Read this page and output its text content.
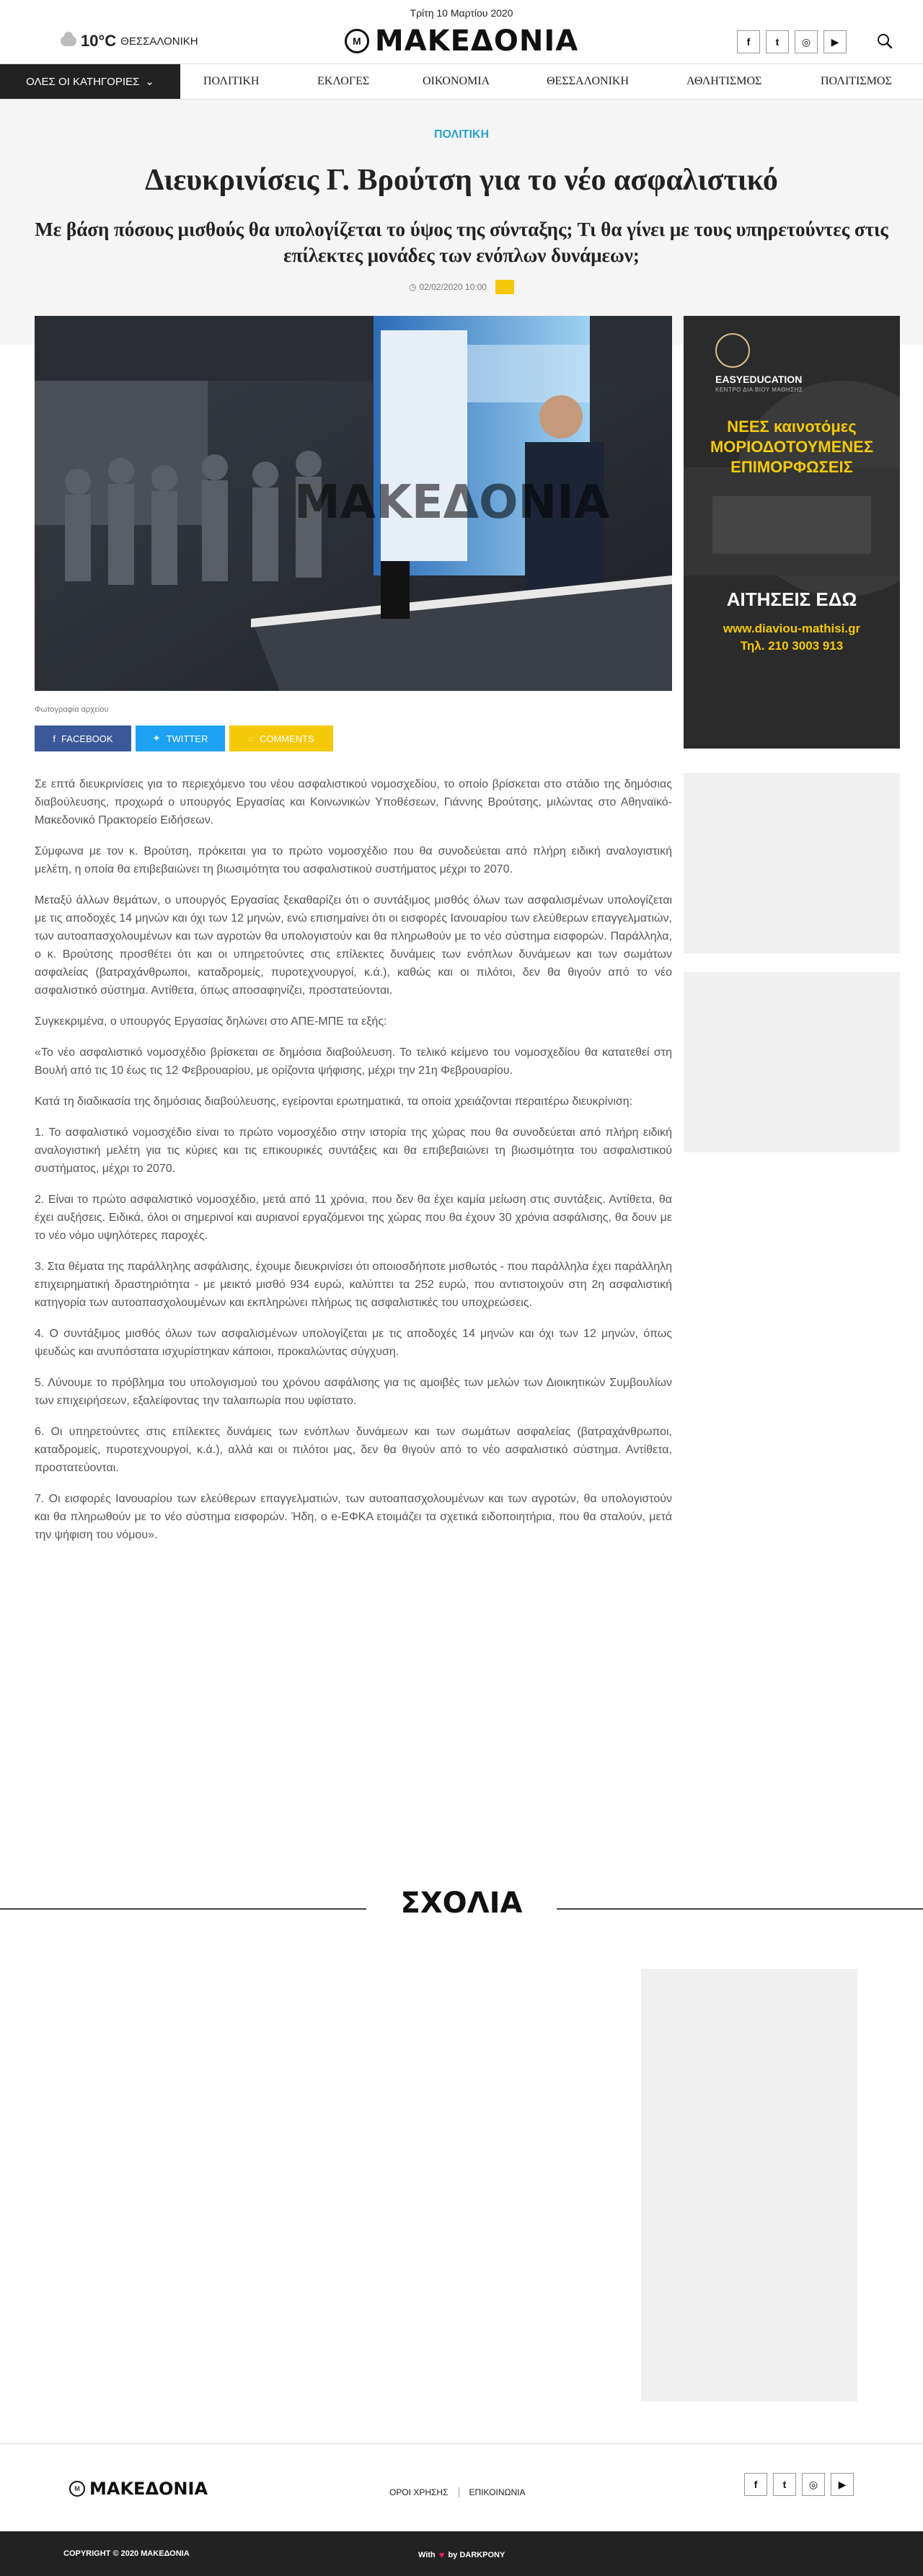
Τρίτη 10 Μαρτίου 2020
10°C ΘΕΣΣΑΛΟΝΙΚΗ	Μ ΜΑΚΕΔΟΝΙΑ	f	t	◎	▶
ΟΛΕΣ ΟΙ ΚΑΤΗΓΟΡΙΕΣ ⌄	ΠΟΛΙΤΙΚΗ	ΕΚΛΟΓΕΣ	ΟΙΚΟΝΟΜΙΑ	ΘΕΣΣΑΛΟΝΙΚΗ	ΑΘΛΗΤΙΣΜΟΣ	ΠΟΛΙΤΙΣΜΟΣ
ΠΟΛΙΤΙΚΗ
Διευκρινίσεις Γ. Βρούτση για το νέο ασφαλιστικό
Με βάση πόσους μισθούς θα υπολογίζεται το ύψος της σύνταξης; Τι θα γίνει με τους υπηρετούντες στις επίλεκτες μονάδες των ενόπλων δυνάμεων;
◷ 02/02/2020 10:00
ΜΑΚΕΔΟΝΙΑ
Φωτογραφία αρχείου
f FACEBOOK	✦ TWITTER	◌ COMMENTS
EASYEDUCATION
ΚΕΝΤΡΟ ΔΙΑ ΒΙΟΥ ΜΑΘΗΣΗΣ
ΝΕΕΣ καινοτόμες
ΜΟΡΙΟΔΟΤΟΥΜΕΝΕΣ
ΕΠΙΜΟΡΦΩΣΕΙΣ
ΑΙΤΗΣΕΙΣ ΕΔΩ
www.diaviou-mathisi.gr
Τηλ. 210 3003 913

Σε επτά διευκρινίσεις για το περιεχόμενο του νέου ασφαλιστικού νομοσχεδίου, το οποίο βρίσκεται στο στάδιο της δημόσιας διαβούλευσης, προχωρά ο υπουργός Εργασίας και Κοινωνικών Υποθέσεων, Γιάννης Βρούτσης, μιλώντας στο Αθηναϊκό-Μακεδονικό Πρακτορείο Ειδήσεων.

Σύμφωνα με τον κ. Βρούτση, πρόκειται για το πρώτο νομοσχέδιο που θα συνοδεύεται από πλήρη ειδική αναλογιστική μελέτη, η οποία θα επιβεβαιώνει τη βιωσιμότητα του ασφαλιστικού συστήματος μέχρι το 2070.

Μεταξύ άλλων θεμάτων, ο υπουργός Εργασίας ξεκαθαρίζει ότι ο συντάξιμος μισθός όλων των ασφαλισμένων υπολογίζεται με τις αποδοχές 14 μηνών και όχι των 12 μηνών, ενώ επισημαίνει ότι οι εισφορές Ιανουαρίου των ελεύθερων επαγγελματιών, των αυτοαπασχολουμένων και των αγροτών θα υπολογιστούν και θα πληρωθούν με το νέο σύστημα εισφορών. Παράλληλα, ο κ. Βρούτσης προσθέτει ότι και οι υπηρετούντες στις επίλεκτες δυνάμεις των ενόπλων δυνάμεων και των σωμάτων ασφαλείας (βατραχάνθρωποι, καταδρομείς, πυροτεχνουργοί, κ.ά.), καθώς και οι πιλότοι, δεν θα θιγούν από το νέο ασφαλιστικό σύστημα. Αντίθετα, όπως αποσαφηνίζει, προστατεύονται.

Συγκεκριμένα, ο υπουργός Εργασίας δηλώνει στο ΑΠΕ-ΜΠΕ τα εξής:

«Το νέο ασφαλιστικό νομοσχέδιο βρίσκεται σε δημόσια διαβούλευση. Το τελικό κείμενο του νομοσχεδίου θα κατατεθεί στη Βουλή από τις 10 έως τις 12 Φεβρουαρίου, με ορίζοντα ψήφισης, μέχρι την 21η Φεβρουαρίου.

Κατά τη διαδικασία της δημόσιας διαβούλευσης, εγείρονται ερωτηματικά, τα οποία χρειάζονται περαιτέρω διευκρίνιση:

1. Το ασφαλιστικό νομοσχέδιο είναι το πρώτο νομοσχέδιο στην ιστορία της χώρας που θα συνοδεύεται από πλήρη ειδική αναλογιστική μελέτη για τις κύριες και τις επικουρικές συντάξεις και θα επιβεβαιώνει τη βιωσιμότητα του ασφαλιστικού συστήματος, μέχρι το 2070.

2. Είναι το πρώτο ασφαλιστικό νομοσχέδιο, μετά από 11 χρόνια, που δεν θα έχει καμία μείωση στις συντάξεις. Αντίθετα, θα έχει αυξήσεις. Ειδικά, όλοι οι σημερινοί και αυριανοί εργαζόμενοι της χώρας που θα έχουν 30 χρόνια ασφάλισης, θα δουν με το νέο νόμο υψηλότερες παροχές.

3. Στα θέματα της παράλληλης ασφάλισης, έχουμε διευκρινίσει ότι οποιοσδήποτε μισθωτός - που παράλληλα έχει παράλληλη επιχειρηματική δραστηριότητα - με μεικτό μισθό 934 ευρώ, καλύπτει τα 252 ευρώ, που αντιστοιχούν στη 2η ασφαλιστική κατηγορία των αυτοαπασχολουμένων και εκπληρώνει πλήρως τις ασφαλιστικές του υποχρεώσεις.

4. Ο συντάξιμος μισθός όλων των ασφαλισμένων υπολογίζεται με τις αποδοχές 14 μηνών και όχι των 12 μηνών, όπως ψευδώς και ανυπόστατα ισχυρίστηκαν κάποιοι, προκαλώντας σύγχυση.

5. Λύνουμε το πρόβλημα του υπολογισμού του χρόνου ασφάλισης για τις αμοιβές των μελών των Διοικητικών Συμβουλίων των επιχειρήσεων, εξαλείφοντας την ταλαιπωρία που υφίστατο.

6. Οι υπηρετούντες στις επίλεκτες δυνάμεις των ενόπλων δυνάμεων και των σωμάτων ασφαλείας (βατραχάνθρωποι, καταδρομείς, πυροτεχνουργοί, κ.ά.), αλλά και οι πιλότοι μας, δεν θα θιγούν από το νέο ασφαλιστικό σύστημα. Αντίθετα, προστατεύονται.

7. Οι εισφορές Ιανουαρίου των ελεύθερων επαγγελματιών, των αυτοαπασχολουμένων και των αγροτών, θα υπολογιστούν και θα πληρωθούν με το νέο σύστημα εισφορών. Ήδη, ο e-ΕΦΚΑ ετοιμάζει τα σχετικά ειδοποιητήρια, που θα σταλούν, μετά την ψήφιση του νόμου».

ΣΧΟΛΙΑ
Μ ΜΑΚΕΔΟΝΙΑ	ΟΡΟΙ ΧΡΗΣΗΣ ΕΠΙΚΟΙΝΩΝΙΑ
f	t	◎	▶
COPYRIGHT © 2020 ΜΑΚΕΔΟΝΙΑ	With ♥ by DARKPONY
